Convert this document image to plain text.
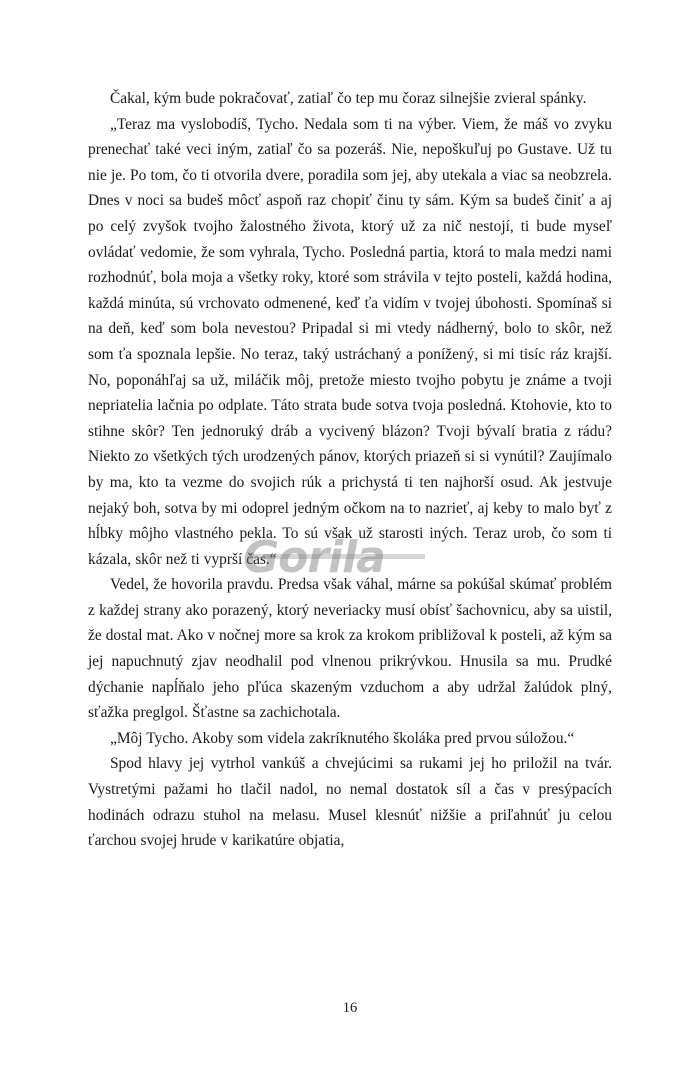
Čakal, kým bude pokračovať, zatiaľ čo tep mu čoraz silnejšie zvieral spánky.

„Teraz ma vyslobodíš, Tycho. Nedala som ti na výber. Viem, že máš vo zvyku prenechať také veci iným, zatiaľ čo sa pozeráš. Nie, nepoškuľuj po Gustave. Už tu nie je. Po tom, čo ti otvorila dvere, poradila som jej, aby utekala a viac sa neobzrela. Dnes v noci sa budeš môcť aspoň raz chopiť činu ty sám. Kým sa budeš činiť a aj po celý zvyšok tvojho žalostného života, ktorý už za nič nestojí, ti bude myseľ ovládať vedomie, že som vyhrala, Tycho. Posledná partia, ktorá to mala medzi nami rozhodnúť, bola moja a všetky roky, ktoré som strávila v tejto posteli, každá hodina, každá minúta, sú vrchovato odmenené, keď ťa vidím v tvojej úbohosti. Spomínaš si na deň, keď som bola nevestou? Pripadal si mi vtedy nádherný, bolo to skôr, než som ťa spoznala lepšie. No teraz, taký ustráchaný a ponížený, si mi tisíc ráz krajší. No, poponáhľaj sa už, miláčik môj, pretože miesto tvojho pobytu je známe a tvoji nepriatelia lačnia po odplate. Táto strata bude sotva tvoja posledná. Ktohovie, kto to stihne skôr? Ten jednoruký dráb a vycivený blázon? Tvoji bývalí bratia z rádu? Niekto zo všetkých tých urodzených pánov, ktorých priazeň si si vynútil? Zaujímalo by ma, kto ta vezme do svojich rúk a prichystá ti ten najhorší osud. Ak jestvuje nejaký boh, sotva by mi odoprel jedným očkom na to nazrieť, aj keby to malo byť z hĺbky môjho vlastného pekla. To sú však už starosti iných. Teraz urob, čo som ti kázala, skôr než ti vyprší čas.“

Vedel, že hovorila pravdu. Predsa však váhal, márne sa pokúšal skúmať problém z každej strany ako porazený, ktorý neveriacky musí obísť šachovnicu, aby sa uistil, že dostal mat. Ako v nočnej more sa krok za krokom približoval k posteli, až kým sa jej napuchnutý zjav neodhalil pod vlnenou prikrývkou. Hnusila sa mu. Prudké dýchanie napĺňalo jeho pľúca skazeným vzduchom a aby udržal žalúdok plný, sťažka preglgol. Šťastne sa zachichotala.

„Môj Tycho. Akoby som videla zakríknutého školáka pred prvou súložou.“

Spod hlavy jej vytrhol vankúš a chvejúcimi sa rukami jej ho priložil na tvár. Vystretými pažami ho tlačil nadol, no nemal dostatok síl a čas v presýpacích hodinách odrazu stuhol na melasu. Musel klesnúť nižšie a priľahnúť ju celou ťarchou svojej hrude v karikatúre objatia,

Gorila
16
